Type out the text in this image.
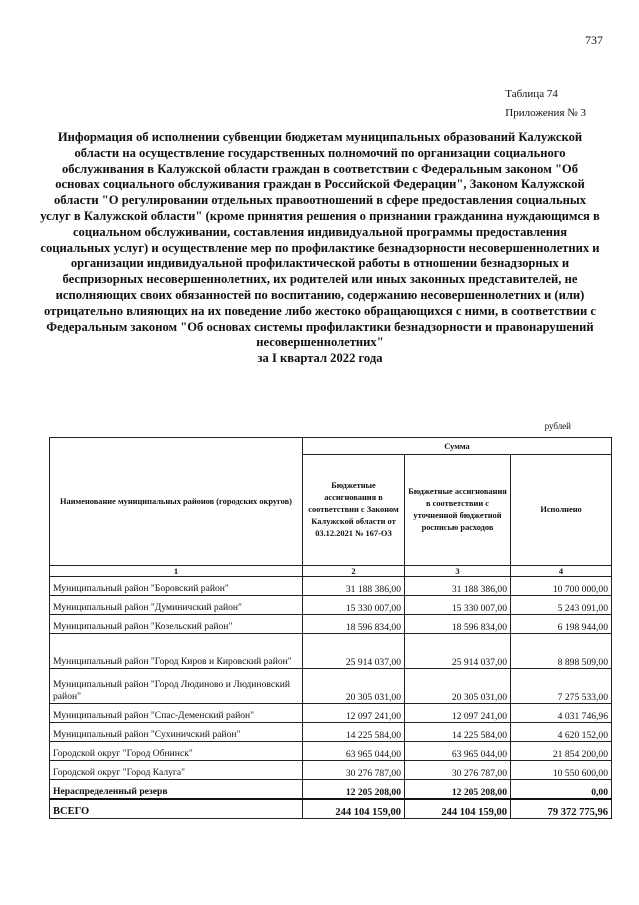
737
Таблица 74
Приложения № 3
Информация об исполнении субвенции бюджетам муниципальных образований Калужской области на осуществление государственных полномочий по организации социального обслуживания в Калужской области граждан в соответствии с Федеральным законом "Об основах социального обслуживания граждан в Российской Федерации", Законом Калужской области "О регулировании отдельных правоотношений в сфере предоставления социальных услуг в Калужской области" (кроме принятия решения о признании гражданина нуждающимся в социальном обслуживании, составления индивидуальной программы предоставления социальных услуг) и осуществление мер по профилактике безнадзорности несовершеннолетних и организации индивидуальной профилактической работы в отношении безнадзорных и беспризорных несовершеннолетних, их родителей или иных законных представителей, не исполняющих своих обязанностей по воспитанию, содержанию несовершеннолетних и (или) отрицательно влияющих на их поведение либо жестоко обращающихся с ними, в соответствии с Федеральным законом "Об основах системы профилактики безнадзорности и правонарушений несовершеннолетних"
за I квартал 2022 года
рублей
Наименование муниципальных районов (городских округов)	Сумма		
	Бюджетные ассигнования в соответствии с Законом Калужской области от 03.12.2021 № 167-ОЗ	Бюджетные ассигнования в соответствии с уточненной бюджетной росписью расходов	Исполнено
1	2	3	4
Муниципальный район "Боровский район"	31 188 386,00	31 188 386,00	10 700 000,00
Муниципальный район "Думиничский район"	15 330 007,00	15 330 007,00	5 243 091,00
Муниципальный район "Козельский район"	18 596 834,00	18 596 834,00	6 198 944,00
Муниципальный район "Город Киров и Кировский район"	25 914 037,00	25 914 037,00	8 898 509,00
Муниципальный район "Город Людиново и Людиновский район"	20 305 031,00	20 305 031,00	7 275 533,00
Муниципальный район "Спас-Деменский район"	12 097 241,00	12 097 241,00	4 031 746,96
Муниципальный район "Сухиничский район"	14 225 584,00	14 225 584,00	4 620 152,00
Городской округ "Город Обнинск"	63 965 044,00	63 965 044,00	21 854 200,00
Городской округ "Город Калуга"	30 276 787,00	30 276 787,00	10 550 600,00
Нераспределенный резерв	12 205 208,00	12 205 208,00	0,00
ВСЕГО	244 104 159,00	244 104 159,00	79 372 775,96
